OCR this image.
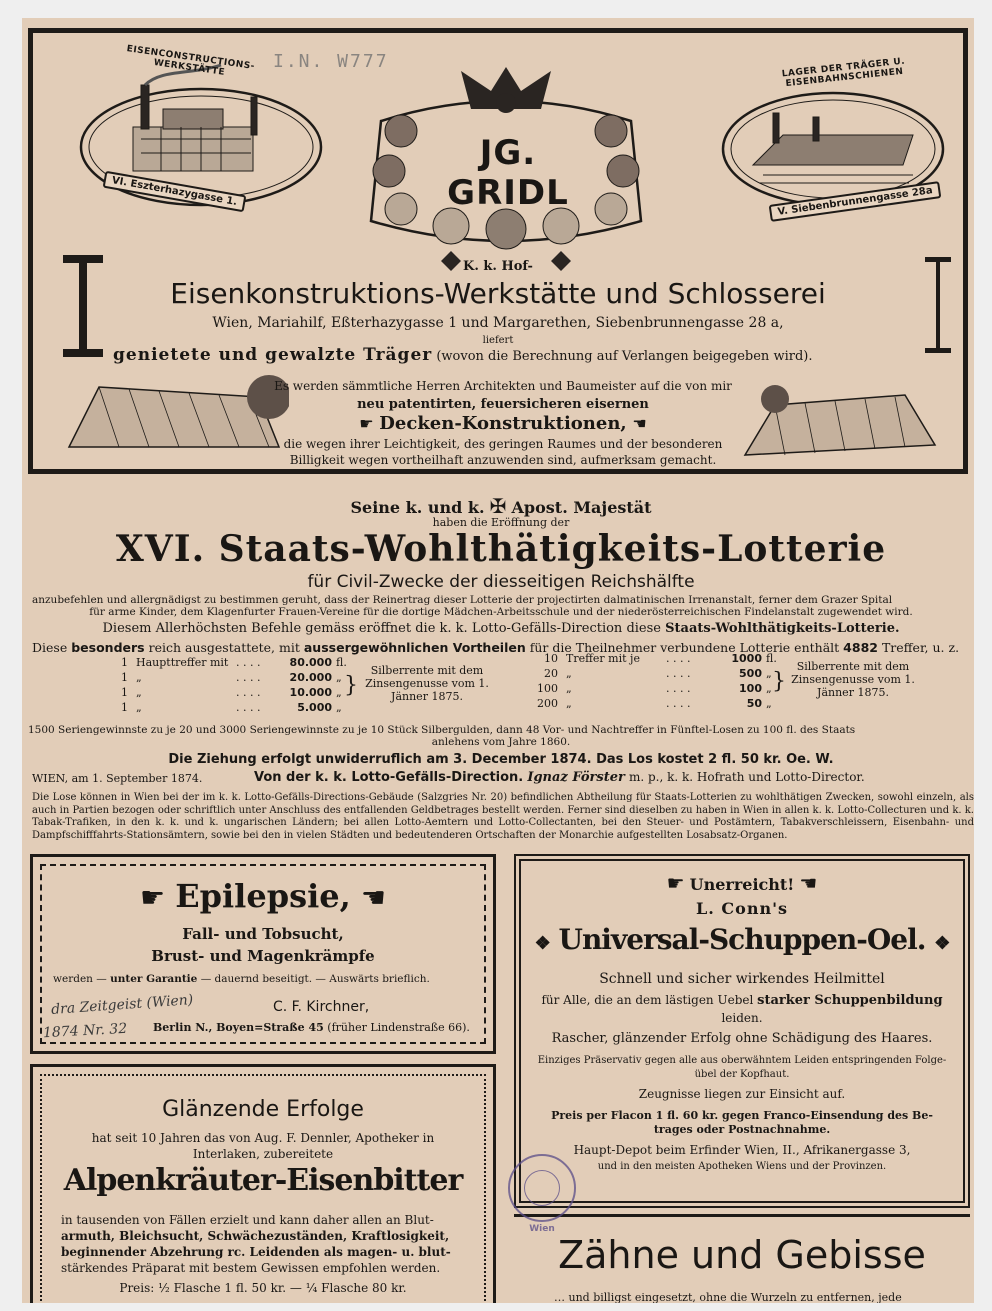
EISENCONSTRUCTIONS-WERKSTÄTTE
VI. Eszterhazygasse 1.
JG. GRIDL
LAGER DER TRÄGER U. EISENBAHNSCHIENEN
V. Siebenbrunnengasse 28a
K. k. Hof-
Eisenkonstruktions-Werkstätte und Schlosserei
Wien, Mariahilf, Eßterhazygasse 1 und Margarethen, Siebenbrunnengasse 28 a,
liefert
genietete und gewalzte Träger (wovon die Berechnung auf Verlangen beigegeben wird).
Es werden sämmtliche Herren Architekten und Baumeister auf die von mir
neu patentirten, feuersicheren eisernen
☛ Decken-Konstruktionen, ☚
die wegen ihrer Leichtigkeit, des geringen Raumes und der besonderen
Billigkeit wegen vortheilhaft anzuwenden sind, aufmerksam gemacht.
I.N. W777
Seine k. und k. ✠ Apost. Majestät
haben die Eröffnung der
XVI. Staats-Wohlthätigkeits-Lotterie
für Civil-Zwecke der diesseitigen Reichshälfte
anzubefehlen und allergnädigst zu bestimmen geruht, dass der Reinertrag dieser Lotterie der projectirten dalmatinischen Irrenanstalt, ferner dem Grazer Spital
für arme Kinder, dem Klagenfurter Frauen-Vereine für die dortige Mädchen-Arbeitsschule und der niederösterreichischen Findelanstalt zugewendet wird.
Diesem Allerhöchsten Befehle gemäss eröffnet die k. k. Lotto-Gefälls-Direction diese Staats-Wohlthätigkeits-Lotterie.
Diese besonders reich ausgestattete, mit aussergewöhnlichen Vortheilen für die Theilnehmer verbundene Lotterie enthält 4882 Treffer, u. z.
1 Haupttreffer mit . . . .	80.000 fl.
1 „	. . . .	20.000 „
1 „	. . . .	10.000 „
1 „	. . . .	5.000 „
}
Silberrente mit dem Zinsengenusse vom 1. Jänner 1875.
10 Treffer mit je . . . .	1000 fl.
20 „	. . . .	500 „
100 „	. . . .	100 „
200 „	. . . .	50 „
}
Silberrente mit dem Zinsengenusse vom 1. Jänner 1875.
1500 Seriengewinnste zu je 20 und 3000 Seriengewinnste zu je 10 Stück Silbergulden, dann 48 Vor- und Nachtreffer in Fünftel-Losen zu 100 fl. des Staats
anlehens vom Jahre 1860.
Die Ziehung erfolgt unwiderruflich am 3. December 1874. Das Los kostet 2 fl. 50 kr. Oe. W.
WIEN, am 1. September 1874.	Von der k. k. Lotto-Gefälls-Direction. Ignaz Förster m. p., k. k. Hofrath und Lotto-Director.
Die Lose können in Wien bei der im k. k. Lotto-Gefälls-Directions-Gebäude (Salzgries Nr. 20) befindlichen Abtheilung für Staats-Lotterien zu wohlthätigen Zwecken, sowohl einzeln, als auch in Partien bezogen oder schriftlich unter Anschluss des entfallenden Geldbetrages bestellt werden. Ferner sind dieselben zu haben in Wien in allen k. k. Lotto-Collecturen und k. k. Tabak-Trafiken, in den k. k. und k. ungarischen Ländern; bei allen Lotto-Aemtern und Lotto-Collectanten, bei den Steuer- und Postämtern, Tabakverschleissern, Eisenbahn- und Dampfschifffahrts-Stationsämtern, sowie bei den in vielen Städten und bedeutenderen Ortschaften der Monarchie aufgestellten Losabsatz-Organen.
☛ Epilepsie, ☚
Fall- und Tobsucht,
Brust- und Magenkrämpfe
werden — unter Garantie — dauernd beseitigt. — Auswärts brieflich.
C. F. Kirchner,
Berlin N., Boyen=Straße 45 (früher Lindenstraße 66).
dra Zeitgeist (Wien)
1874 Nr. 32
Glänzende Erfolge
hat seit 10 Jahren das von Aug. F. Dennler, Apotheker in
Interlaken, zubereitete
Alpenkräuter-Eisenbitter
in tausenden von Fällen erzielt und kann daher allen an Blut-
armuth, Bleichsucht, Schwächezuständen, Kraftlosigkeit,
beginnender Abzehrung rc. Leidenden als magen- u. blut-
stärkendes Präparat mit bestem Gewissen empfohlen werden.
Preis: ½ Flasche 1 fl. 50 kr. — ¼ Flasche 80 kr.
☛ Unerreicht! ☚
L. Conn's
❖ Universal-Schuppen-Oel. ❖
Schnell und sicher wirkendes Heilmittel
für Alle, die an dem lästigen Uebel starker Schuppenbildung
leiden.
Rascher, glänzender Erfolg ohne Schädigung des Haares.
Einziges Präservativ gegen alle aus oberwähntem Leiden entspringenden Folge-
übel der Kopfhaut.
Zeugnisse liegen zur Einsicht auf.
Preis per Flacon 1 fl. 60 kr. gegen Franco-Einsendung des Be-
trages oder Postnachnahme.
Haupt-Depot beim Erfinder Wien, II., Afrikanergasse 3,
und in den meisten Apotheken Wiens und der Provinzen.
Zähne und Gebisse
… und billigst eingesetzt, ohne die Wurzeln zu entfernen, jede
Wien
